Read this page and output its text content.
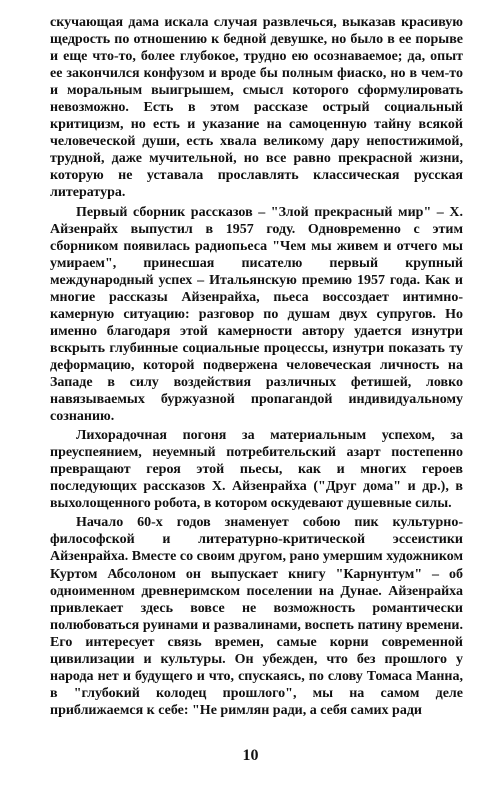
скучающая дама искала случая развлечься, выказав красивую щедрость по отношению к бедной девушке, но было в ее порыве и еще что-то, более глубокое, трудно ею осознаваемое; да, опыт ее закончился конфузом и вроде бы полным фиаско, но в чем-то и моральным выигрышем, смысл которого сформулировать невозможно. Есть в этом рассказе острый социальный критицизм, но есть и указание на самоценную тайну всякой человеческой души, есть хвала великому дару непостижимой, трудной, даже мучительной, но все равно прекрасной жизни, которую не уставала прославлять классическая русская литература.

Первый сборник рассказов – "Злой прекрасный мир" – Х. Айзенрайх выпустил в 1957 году. Одновременно с этим сборником появилась радиопьеса "Чем мы живем и отчего мы умираем", принесшая писателю первый крупный международный успех – Итальянскую премию 1957 года. Как и многие рассказы Айзенрайха, пьеса воссоздает интимно-камерную ситуацию: разговор по душам двух супругов. Но именно благодаря этой камерности автору удается изнутри вскрыть глубинные социальные процессы, изнутри показать ту деформацию, которой подвержена человеческая личность на Западе в силу воздействия различных фетишей, ловко навязываемых буржуазной пропагандой индивидуальному сознанию.

Лихорадочная погоня за материальным успехом, за преуспеянием, неуемный потребительский азарт постепенно превращают героя этой пьесы, как и многих героев последующих рассказов Х. Айзенрайха ("Друг дома" и др.), в выхолощенного робота, в котором оскудевают душевные силы.

Начало 60-х годов знаменует собою пик культурно-философской и литературно-критической эссеистики Айзенрайха. Вместе со своим другом, рано умершим художником Куртом Абсолоном он выпускает книгу "Карнунтум" – об одноименном древнеримском поселении на Дунае. Айзенрайха привлекает здесь вовсе не возможность романтически полюбоваться руинами и развалинами, воспеть патину времени. Его интересует связь времен, самые корни современной цивилизации и культуры. Он убежден, что без прошлого у народа нет и будущего и что, спускаясь, по слову Томаса Манна, в "глубокий колодец прошлого", мы на самом деле приближаемся к себе: "Не римлян ради, а себя самих ради

10
